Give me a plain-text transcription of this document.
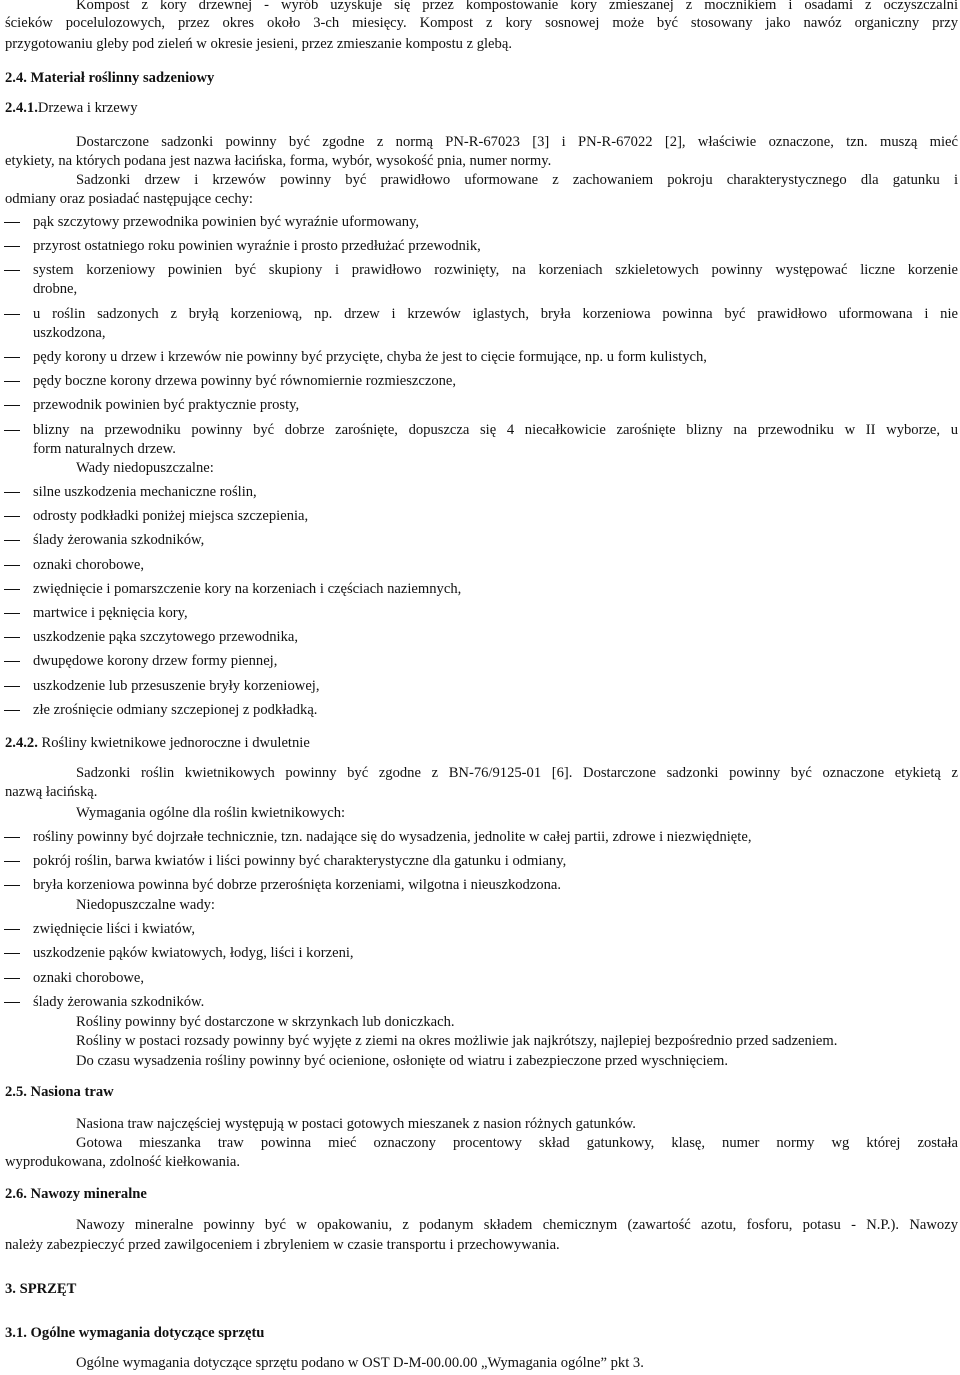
Kompost z kory drzewnej - wyrób uzyskuje się przez kompostowanie kory zmieszanej z mocznikiem i osadami z oczyszczalni
ścieków pocelulozowych, przez okres około 3-ch miesięcy. Kompost z kory sosnowej może być stosowany jako nawóz organiczny przy
przygotowaniu gleby pod zieleń w okresie jesieni, przez zmieszanie kompostu z glebą.
2.4. Materiał roślinny sadzeniowy
2.4.1.Drzewa i krzewy
Dostarczone sadzonki powinny być zgodne z normą PN-R-67023 [3] i PN-R-67022 [2], właściwie oznaczone, tzn. muszą mieć
etykiety, na których podana jest nazwa łacińska, forma, wybór, wysokość pnia, numer normy.
Sadzonki drzew i krzewów powinny być prawidłowo uformowane z zachowaniem pokroju charakterystycznego dla gatunku i
odmiany oraz posiadać następujące cechy:
pąk szczytowy przewodnika powinien być wyraźnie uformowany,
przyrost ostatniego roku powinien wyraźnie i prosto przedłużać przewodnik,
system korzeniowy powinien być skupiony i prawidłowo rozwinięty, na korzeniach szkieletowych powinny występować liczne korzenie
drobne,
u roślin sadzonych z bryłą korzeniową, np. drzew i krzewów iglastych, bryła korzeniowa powinna być prawidłowo uformowana i nie
uszkodzona,
pędy korony u drzew i krzewów nie powinny być przycięte, chyba że jest to cięcie formujące, np. u form kulistych,
pędy boczne korony drzewa powinny być równomiernie rozmieszczone,
przewodnik powinien być praktycznie prosty,
blizny na przewodniku powinny być dobrze zarośnięte, dopuszcza się 4 niecałkowicie zarośnięte blizny na przewodniku w II wyborze, u
form naturalnych drzew.
Wady niedopuszczalne:
silne uszkodzenia mechaniczne roślin,
odrosty podkładki poniżej miejsca szczepienia,
ślady żerowania szkodników,
oznaki chorobowe,
zwiędnięcie i pomarszczenie kory na korzeniach i częściach naziemnych,
martwice i pęknięcia kory,
uszkodzenie pąka szczytowego przewodnika,
dwupędowe korony drzew formy piennej,
uszkodzenie lub przesuszenie bryły korzeniowej,
złe zrośnięcie odmiany szczepionej z podkładką.
2.4.2. Rośliny kwietnikowe jednoroczne i dwuletnie
Sadzonki roślin kwietnikowych powinny być zgodne z BN-76/9125-01 [6]. Dostarczone sadzonki powinny być oznaczone etykietą z
nazwą łacińską.
Wymagania ogólne dla roślin kwietnikowych:
rośliny powinny być dojrzałe technicznie, tzn. nadające się do wysadzenia, jednolite w całej partii, zdrowe i niezwiędnięte,
pokrój roślin, barwa kwiatów i liści powinny być charakterystyczne dla gatunku i odmiany,
bryła korzeniowa powinna być dobrze przerośnięta korzeniami, wilgotna i nieuszkodzona.
Niedopuszczalne wady:
zwiędnięcie liści i kwiatów,
uszkodzenie pąków kwiatowych, łodyg, liści i korzeni,
oznaki chorobowe,
ślady żerowania szkodników.
Rośliny powinny być dostarczone w skrzynkach lub doniczkach.
Rośliny w postaci rozsady powinny być wyjęte z ziemi na okres możliwie jak najkrótszy, najlepiej bezpośrednio przed sadzeniem.
Do czasu wysadzenia rośliny powinny być ocienione, osłonięte od wiatru i zabezpieczone przed wyschnięciem.
2.5. Nasiona traw
Nasiona traw najczęściej występują w postaci gotowych mieszanek z nasion różnych gatunków.
Gotowa mieszanka traw powinna mieć oznaczony procentowy skład gatunkowy, klasę, numer normy wg której została
wyprodukowana, zdolność kiełkowania.
2.6. Nawozy mineralne
Nawozy mineralne powinny być w opakowaniu, z podanym składem chemicznym (zawartość azotu, fosforu, potasu - N.P.). Nawozy
należy zabezpieczyć przed zawilgoceniem i zbryleniem w czasie transportu i przechowywania.
3. SPRZĘT
3.1. Ogólne wymagania dotyczące sprzętu
Ogólne wymagania dotyczące sprzętu podano w OST D-M-00.00.00 „Wymagania ogólne” pkt 3.
